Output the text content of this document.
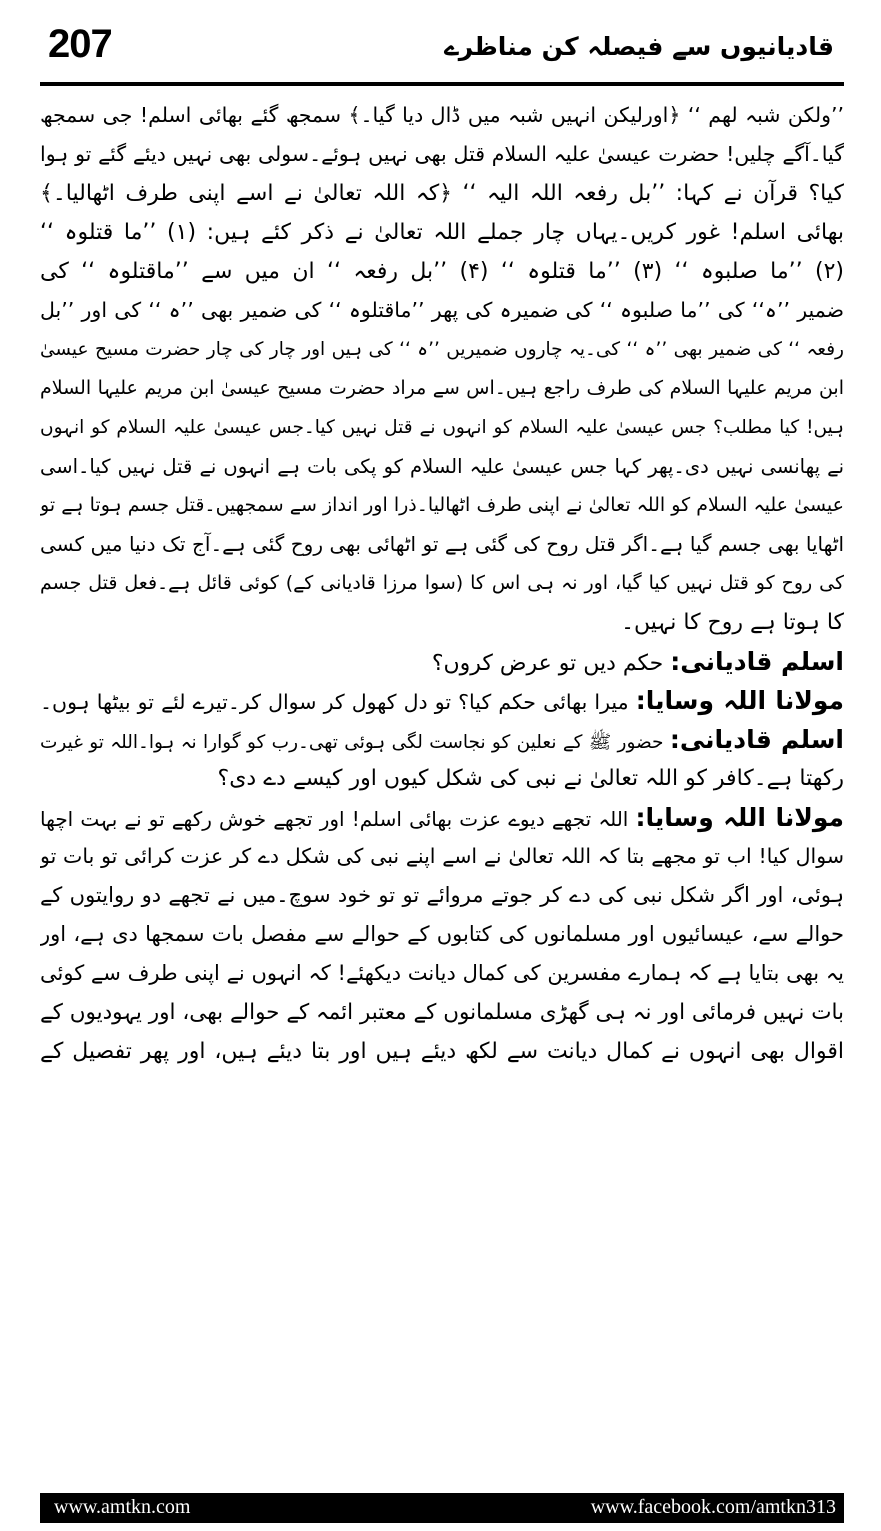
207	قادیانیوں سے فیصلہ کن مناظرے
’’ولکن شبہ لھم ‘‘ ﴿اورلیکن انہیں شبہ میں ڈال دیا گیا۔﴾ سمجھ گئے بھائی اسلم! جی سمجھ
گیا۔آگے چلیں! حضرت عیسیٰ علیہ السلام قتل بھی نہیں ہوئے۔سولی بھی نہیں دیئے گئے تو ہوا
کیا؟ قرآن نے کہا: ’’بل رفعہ اللہ الیہ ‘‘ ﴿کہ اللہ تعالیٰ نے اسے اپنی طرف اٹھالیا۔﴾
بھائی اسلم! غور کریں۔یہاں چار جملے اللہ تعالیٰ نے ذکر کئے ہیں: (۱) ’’ما قتلوہ ‘‘
(۲) ’’ما صلبوہ ‘‘ (۳) ’’ما قتلوہ ‘‘ (۴) ’’بل رفعہ ‘‘ ان میں سے ’’ماقتلوہ ‘‘ کی
ضمیر ’’ہ‘‘ کی ’’ما صلبوہ ‘‘ کی ضمیرہ کی پھر ’’ماقتلوہ ‘‘ کی ضمیر بھی ’’ہ ‘‘ کی اور ’’بل
رفعہ ‘‘ کی ضمیر بھی ’’ہ ‘‘ کی۔یہ چاروں ضمیریں ’’ہ ‘‘ کی ہیں اور چار کی چار حضرت مسیح عیسیٰ
ابن مریم علیہا السلام کی طرف راجع ہیں۔اس سے مراد حضرت مسیح عیسیٰ ابن مریم علیہا السلام
ہیں! کیا مطلب؟ جس عیسیٰ علیہ السلام کو انہوں نے قتل نہیں کیا۔جس عیسیٰ علیہ السلام کو انہوں
نے پھانسی نہیں دی۔پھر کہا جس عیسیٰ علیہ السلام کو پکی بات ہے انہوں نے قتل نہیں کیا۔اسی
عیسیٰ علیہ السلام کو اللہ تعالیٰ نے اپنی طرف اٹھالیا۔ذرا اور انداز سے سمجھیں۔قتل جسم ہوتا ہے تو
اٹھایا بھی جسم گیا ہے۔اگر قتل روح کی گئی ہے تو اٹھائی بھی روح گئی ہے۔آج تک دنیا میں کسی
کی روح کو قتل نہیں کیا گیا، اور نہ ہی اس کا (سوا مرزا قادیانی کے) کوئی قائل ہے۔فعل قتل جسم
کا ہوتا ہے روح کا نہیں۔
اسلم قادیانی: حکم دیں تو عرض کروں؟
مولانا اللہ وسایا: میرا بھائی حکم کیا؟ تو دل کھول کر سوال کر۔تیرے لئے تو بیٹھا ہوں۔
اسلم قادیانی: حضور ﷺ کے نعلین کو نجاست لگی ہوئی تھی۔رب کو گوارا نہ ہوا۔اللہ تو غیرت
رکھتا ہے۔کافر کو اللہ تعالیٰ نے نبی کی شکل کیوں اور کیسے دے دی؟
مولانا اللہ وسایا: اللہ تجھے دیوے عزت بھائی اسلم! اور تجھے خوش رکھے تو نے بہت اچھا
سوال کیا! اب تو مجھے بتا کہ اللہ تعالیٰ نے اسے اپنے نبی کی شکل دے کر عزت کرائی تو بات تو
ہوئی، اور اگر شکل نبی کی دے کر جوتے مروائے تو تو خود سوچ۔میں نے تجھے دو روایتوں کے
حوالے سے، عیسائیوں اور مسلمانوں کی کتابوں کے حوالے سے مفصل بات سمجھا دی ہے، اور
یہ بھی بتایا ہے کہ ہمارے مفسرین کی کمال دیانت دیکھئے! کہ انہوں نے اپنی طرف سے کوئی
بات نہیں فرمائی اور نہ ہی گھڑی مسلمانوں کے معتبر ائمہ کے حوالے بھی، اور یہودیوں کے
اقوال بھی انہوں نے کمال دیانت سے لکھ دیئے ہیں اور بتا دیئے ہیں، اور پھر تفصیل کے
www.amtkn.com	www.facebook.com/amtkn313
